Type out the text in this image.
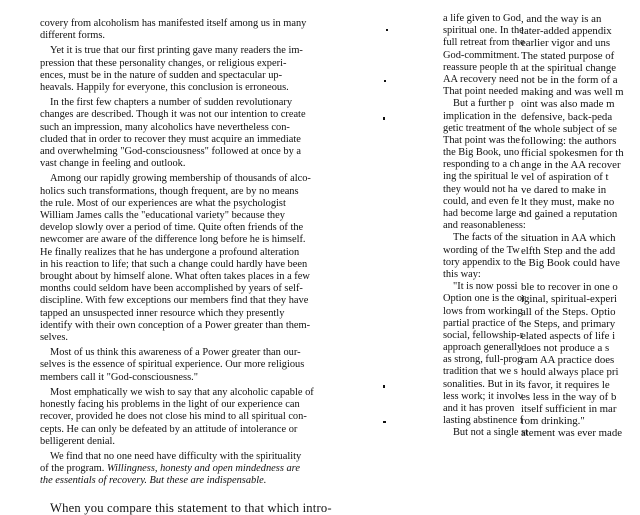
covery from alcoholism has manifested itself among us in many
different forms.
Yet it is true that our first printing gave many readers the im-
pression that these personality changes, or religious experi-
ences, must be in the nature of sudden and spectacular up-
heavals. Happily for everyone, this conclusion is erroneous.
In the first few chapters a number of sudden revolutionary
changes are described. Though it was not our intention to create
such an impression, many alcoholics have nevertheless con-
cluded that in order to recover they must acquire an immediate
and overwhelming "God-consciousness" followed at once by a
vast change in feeling and outlook.
Among our rapidly growing membership of thousands of alco-
holics such transformations, though frequent, are by no means
the rule. Most of our experiences are what the psychologist
William James calls the "educational variety" because they
develop slowly over a period of time. Quite often friends of the
newcomer are aware of the difference long before he is himself.
He finally realizes that he has undergone a profound alteration
in his reaction to life; that such a change could hardly have been
brought about by himself alone. What often takes places in a few
months could seldom have been accomplished by years of self-
discipline. With few exceptions our members find that they have
tapped an unsuspected inner resource which they presently
identify with their own conception of a Power greater than them-
selves.
Most of us think this awareness of a Power greater than our-
selves is the essence of spiritual experience. Our more religious
members call it "God-consciousness."
Most emphatically we wish to say that any alcoholic capable of
honestly facing his problems in the light of our experience can
recover, provided he does not close his mind to all spiritual con-
cepts. He can only be defeated by an attitude of intolerance or
belligerent denial.
We find that no one need have difficulty with the spirituality
of the program. Willingness, honesty and open mindedness are
the essentials of recovery. But these are indispensable.
When you compare this statement to that which intro-
a life given to God , and the way is an
spiritual one. In the
later-added appendix
full retreat from the
earlier vigor and uns
God-commitment. The stated purpose of
reassure people th at the spiritual change
AA recovery need not be in the form of a
That point needed making and was well m
But a further p oint was also made m
implication in the defensive, back-peda
getic treatment of t he whole subject of se
That point was the following: the authors
the Big Book, uno fficial spokesmen for th
responding to a ch ange in the AA recover
ing the spiritual le vel of aspiration of t
they would not ha ve dared to make in
could, and even fe lt they must, make no
had become large a
nd gained a reputation
and reasonableness:
The facts of the situation in AA which
wording of the Tw elfth Step and the add
tory appendix to th e Big Book could have
this way:
"It is now possi ble to recover in one o
Option one is the or
iginal, spiritual-experi
lows from working
all of the Steps. Optio
partial practice of t he Steps, and primary
social, fellowship-r
elated aspects of life i
approach generally
does not produce a s
as strong, full-prog
ram AA practice does
tradition that we s hould always place pri
sonalities. But in it s favor, it requires le
less work; it involv
es less in the way of b
and it has proven itself sufficient in mar
lasting abstinence f
rom drinking."
But not a single st
atement was ever made
